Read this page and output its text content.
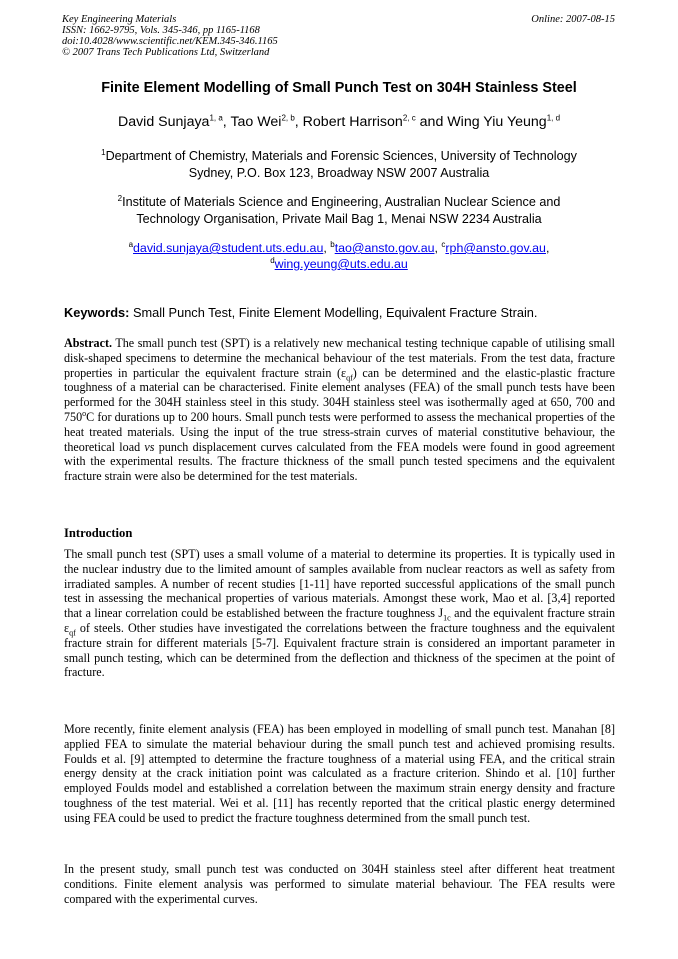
Key Engineering Materials
ISSN: 1662-9795, Vols. 345-346, pp 1165-1168
doi:10.4028/www.scientific.net/KEM.345-346.1165
© 2007 Trans Tech Publications Ltd, Switzerland
Online: 2007-08-15
Finite Element Modelling of Small Punch Test on 304H Stainless Steel
David Sunjaya$^{1, a}$, Tao Wei$^{2, b}$, Robert Harrison$^{2, c}$ and Wing Yiu Yeung$^{1, d}$
$^1$Department of Chemistry, Materials and Forensic Sciences, University of Technology
Sydney, P.O. Box 123, Broadway NSW 2007 Australia
$^2$Institute of Materials Science and Engineering, Australian Nuclear Science and
Technology Organisation, Private Mail Bag 1, Menai NSW 2234 Australia
$^a$david.sunjaya@student.uts.edu.au, $^b$tao@ansto.gov.au, $^c$rph@ansto.gov.au,
$^d$wing.yeung@uts.edu.au
Keywords: Small Punch Test, Finite Element Modelling, Equivalent Fracture Strain.
Abstract. The small punch test (SPT) is a relatively new mechanical testing technique capable of utilising small disk-shaped specimens to determine the mechanical behaviour of the test materials. From the test data, fracture properties in particular the equivalent fracture strain $(\varepsilon_{qf})$ can be determined and the elastic-plastic fracture toughness of a material can be characterised. Finite element analyses (FEA) of the small punch tests have been performed for the 304H stainless steel in this study. 304H stainless steel was isothermally aged at 650, 700 and 750$^o$C for durations up to 200 hours. Small punch tests were performed to assess the mechanical properties of the heat treated materials. Using the input of the true stress-strain curves of material constitutive behaviour, the theoretical load vs punch displacement curves calculated from the FEA models were found in good agreement with the experimental results. The fracture thickness of the small punch tested specimens and the equivalent fracture strain were also be determined for the test materials.
Introduction
The small punch test (SPT) uses a small volume of a material to determine its properties. It is typically used in the nuclear industry due to the limited amount of samples available from nuclear reactors as well as safety from irradiated samples. A number of recent studies [1-11] have reported successful applications of the small punch test in assessing the mechanical properties of various materials. Amongst these work, Mao et al. [3,4] reported that a linear correlation could be established between the fracture toughness $J_{1c}$ and the equivalent fracture strain $\varepsilon_{qf}$ of steels. Other studies have investigated the correlations between the fracture toughness and the equivalent fracture strain for different materials [5-7]. Equivalent fracture strain is considered an important parameter in small punch testing, which can be determined from the deflection and thickness of the specimen at the point of fracture.
More recently, finite element analysis (FEA) has been employed in modelling of small punch test. Manahan [8] applied FEA to simulate the material behaviour during the small punch test and achieved promising results. Foulds et al. [9] attempted to determine the fracture toughness of a material using FEA, and the critical strain energy density at the crack initiation point was calculated as a fracture criterion. Shindo et al. [10] further employed Foulds model and established a correlation between the maximum strain energy density and fracture toughness of the test material. Wei et al. [11] has recently reported that the critical plastic energy determined using FEA could be used to predict the fracture toughness determined from the small punch test.
In the present study, small punch test was conducted on 304H stainless steel after different heat treatment conditions. Finite element analysis was performed to simulate material behaviour. The FEA results were compared with the experimental curves.
